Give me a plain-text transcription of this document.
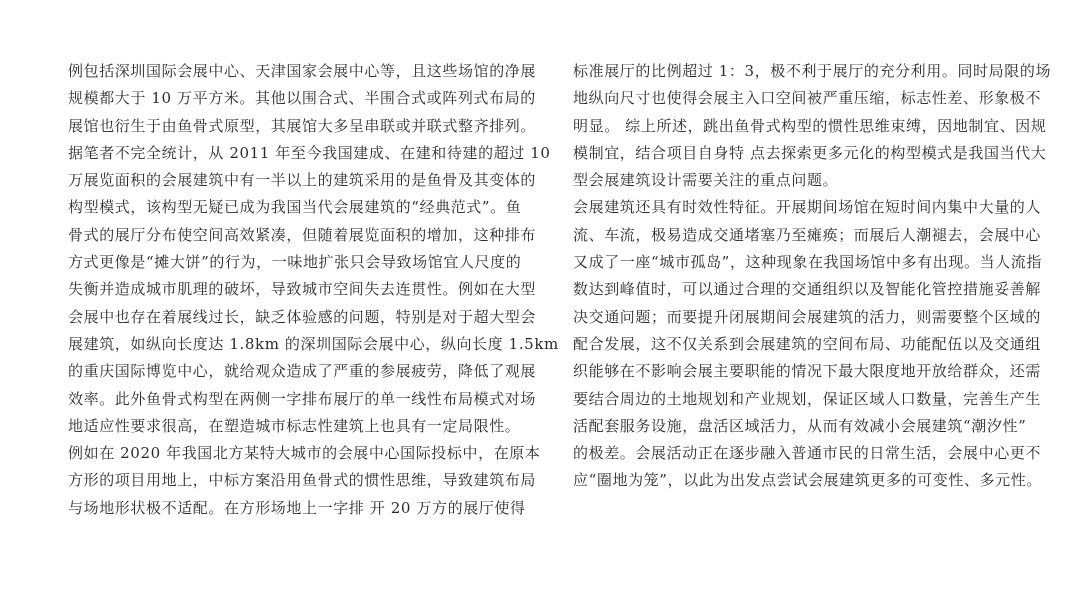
例包括深圳国际会展中心、天津国家会展中心等，且这些场馆的净展
规模都大于 10 万平方米。其他以围合式、半围合式或阵列式布局的
展馆也衍生于由鱼骨式原型，其展馆大多呈串联或并联式整齐排列。
据笔者不完全统计，从 2011 年至今我国建成、在建和待建的超过 10
万展览面积的会展建筑中有一半以上的建筑采用的是鱼骨及其变体的
构型模式，该构型无疑已成为我国当代会展建筑的“经典范式”。鱼
骨式的展厅分布使空间高效紧凑，但随着展览面积的增加，这种排布
方式更像是“摊大饼”的行为，一味地扩张只会导致场馆宜人尺度的
失衡并造成城市肌理的破坏，导致城市空间失去连贯性。例如在大型
会展中也存在着展线过长，缺乏体验感的问题，特别是对于超大型会
展建筑，如纵向长度达 1.8km 的深圳国际会展中心，纵向长度 1.5km
的重庆国际博览中心，就给观众造成了严重的参展疲劳，降低了观展
效率。此外鱼骨式构型在两侧一字排布展厅的单一线性布局模式对场
地适应性要求很高，在塑造城市标志性建筑上也具有一定局限性。
例如在 2020 年我国北方某特大城市的会展中心国际投标中，在原本
方形的项目用地上，中标方案沿用鱼骨式的惯性思维，导致建筑布局
与场地形状极不适配。在方形场地上一字排 开 20 万方的展厅使得
标准展厅的比例超过 1：3，极不利于展厅的充分利用。同时局限的场
地纵向尺寸也使得会展主入口空间被严重压缩，标志性差、形象极不
明显。 综上所述，跳出鱼骨式构型的惯性思维束缚，因地制宜、因规
模制宜，结合项目自身特 点去探索更多元化的构型模式是我国当代大
型会展建筑设计需要关注的重点问题。
会展建筑还具有时效性特征。开展期间场馆在短时间内集中大量的人
流、车流，极易造成交通堵塞乃至瘫痪；而展后人潮褪去，会展中心
又成了一座“城市孤岛”，这种现象在我国场馆中多有出现。当人流指
数达到峰值时，可以通过合理的交通组织以及智能化管控措施妥善解
决交通问题；而要提升闭展期间会展建筑的活力，则需要整个区域的
配合发展，这不仅关系到会展建筑的空间布局、功能配伍以及交通组
织能够在不影响会展主要职能的情况下最大限度地开放给群众，还需
要结合周边的土地规划和产业规划，保证区域人口数量，完善生产生
活配套服务设施，盘活区域活力，从而有效减小会展建筑“潮汐性”
的极差。会展活动正在逐步融入普通市民的日常生活，会展中心更不
应“圈地为笼”，以此为出发点尝试会展建筑更多的可变性、多元性。
